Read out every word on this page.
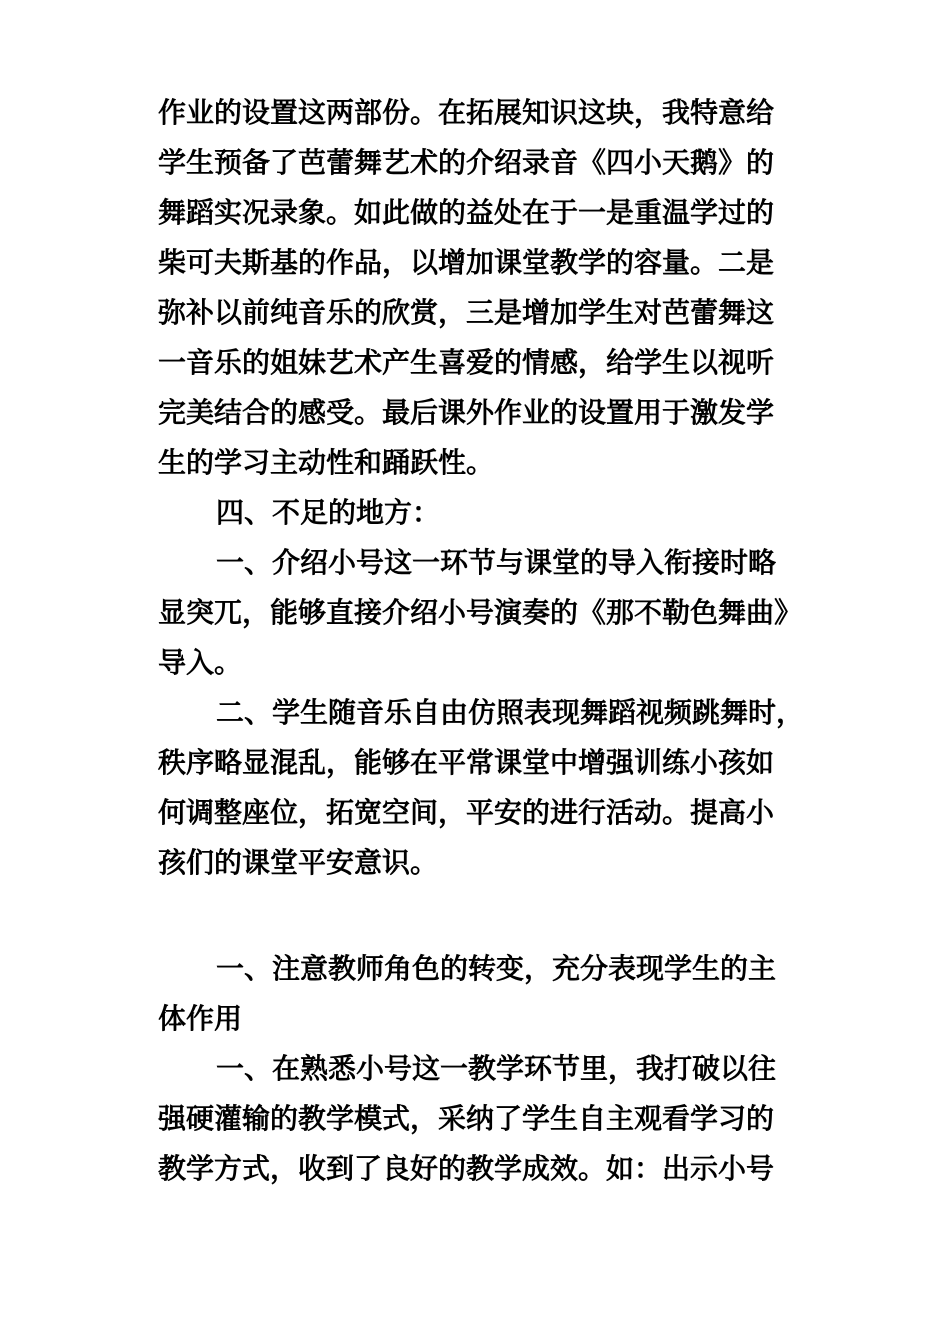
作业的设置这两部份。在拓展知识这块，我特意给
学生预备了芭蕾舞艺术的介绍录音《四小天鹅》的
舞蹈实况录象。如此做的益处在于一是重温学过的
柴可夫斯基的作品，以增加课堂教学的容量。二是
弥补以前纯音乐的欣赏，三是增加学生对芭蕾舞这
一音乐的姐妹艺术产生喜爱的情感，给学生以视听
完美结合的感受。最后课外作业的设置用于激发学
生的学习主动性和踊跃性。
四、不足的地方：
一、介绍小号这一环节与课堂的导入衔接时略
显突兀，能够直接介绍小号演奏的《那不勒色舞曲》
导入。
二、学生随音乐自由仿照表现舞蹈视频跳舞时，
秩序略显混乱，能够在平常课堂中增强训练小孩如
何调整座位，拓宽空间，平安的进行活动。提高小
孩们的课堂平安意识。
一、注意教师角色的转变，充分表现学生的主
体作用
一、在熟悉小号这一教学环节里，我打破以往
强硬灌输的教学模式，采纳了学生自主观看学习的
教学方式，收到了良好的教学成效。如：出示小号
